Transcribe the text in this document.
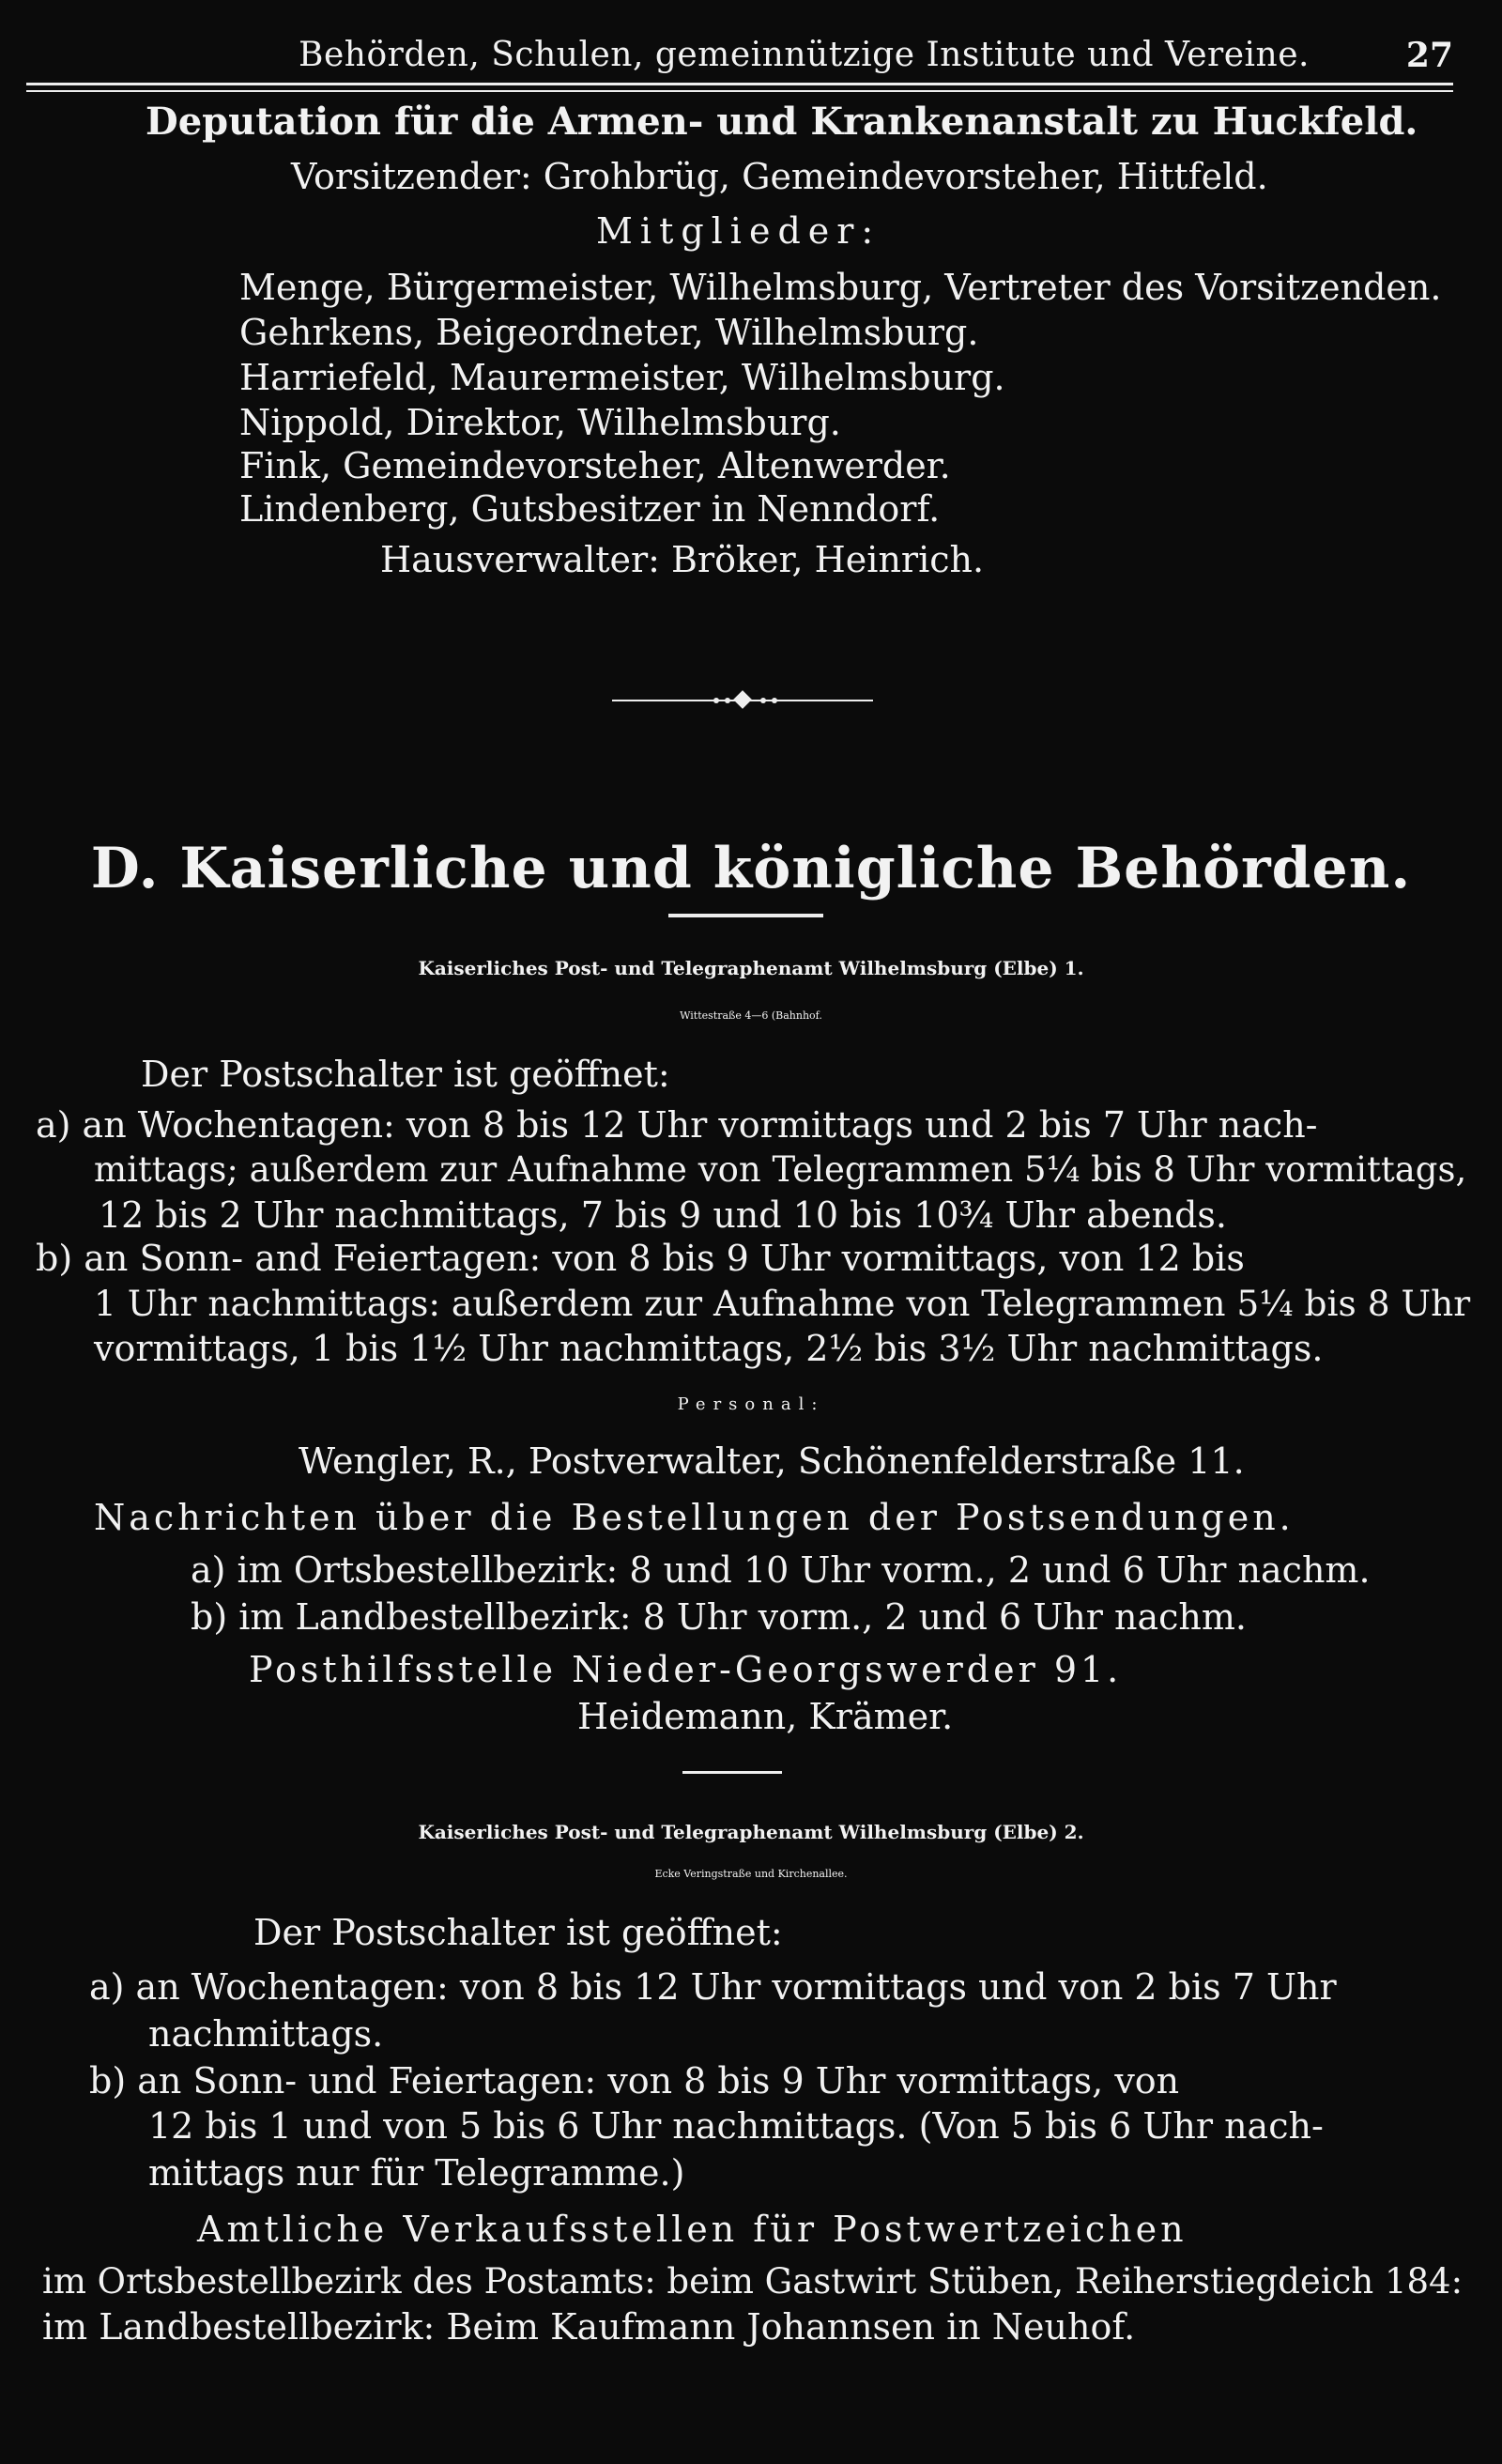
Behörden, Schulen, gemeinnützige Institute und Vereine.	27
Deputation für die Armen- und Krankenanstalt zu Huckfeld.
Vorsitzender: Grohbrüg, Gemeindevorsteher, Hittfeld.
Mitglieder:
Menge, Bürgermeister, Wilhelmsburg, Vertreter des Vorsitzenden.
Gehrkens, Beigeordneter, Wilhelmsburg.
Harriefeld, Maurermeister, Wilhelmsburg.
Nippold, Direktor, Wilhelmsburg.
Fink, Gemeindevorsteher, Altenwerder.
Lindenberg, Gutsbesitzer in Nenndorf.
Hausverwalter: Bröker, Heinrich.
D. Kaiserliche und königliche Behörden.
Kaiserliches Post- und Telegraphenamt Wilhelmsburg (Elbe) 1.
Wittestraße 4—6 (Bahnhof.
Der Postschalter ist geöffnet:
a) an Wochentagen: von 8 bis 12 Uhr vormittags und 2 bis 7 Uhr nach-
mittags; außerdem zur Aufnahme von Telegrammen 5¼ bis 8 Uhr vormittags,
12 bis 2 Uhr nachmittags, 7 bis 9 und 10 bis 10¾ Uhr abends.
b) an Sonn- and Feiertagen: von 8 bis 9 Uhr vormittags, von 12 bis
1 Uhr nachmittags: außerdem zur Aufnahme von Telegrammen 5¼ bis 8 Uhr
vormittags, 1 bis 1½ Uhr nachmittags, 2½ bis 3½ Uhr nachmittags.
Personal:
Wengler, R., Postverwalter, Schönenfelderstraße 11.
Nachrichten über die Bestellungen der Postsendungen.
a) im Ortsbestellbezirk: 8 und 10 Uhr vorm., 2 und 6 Uhr nachm.
b) im Landbestellbezirk: 8 Uhr vorm., 2 und 6 Uhr nachm.
Posthilfsstelle Nieder-Georgswerder 91.
Heidemann, Krämer.
Kaiserliches Post- und Telegraphenamt Wilhelmsburg (Elbe) 2.
Ecke Veringstraße und Kirchenallee.
Der Postschalter ist geöffnet:
a) an Wochentagen: von 8 bis 12 Uhr vormittags und von 2 bis 7 Uhr
nachmittags.
b) an Sonn- und Feiertagen: von 8 bis 9 Uhr vormittags, von
12 bis 1 und von 5 bis 6 Uhr nachmittags. (Von 5 bis 6 Uhr nach-
mittags nur für Telegramme.)
Amtliche Verkaufsstellen für Postwertzeichen
im Ortsbestellbezirk des Postamts: beim Gastwirt Stüben, Reiherstiegdeich 184:
im Landbestellbezirk: Beim Kaufmann Johannsen in Neuhof.
